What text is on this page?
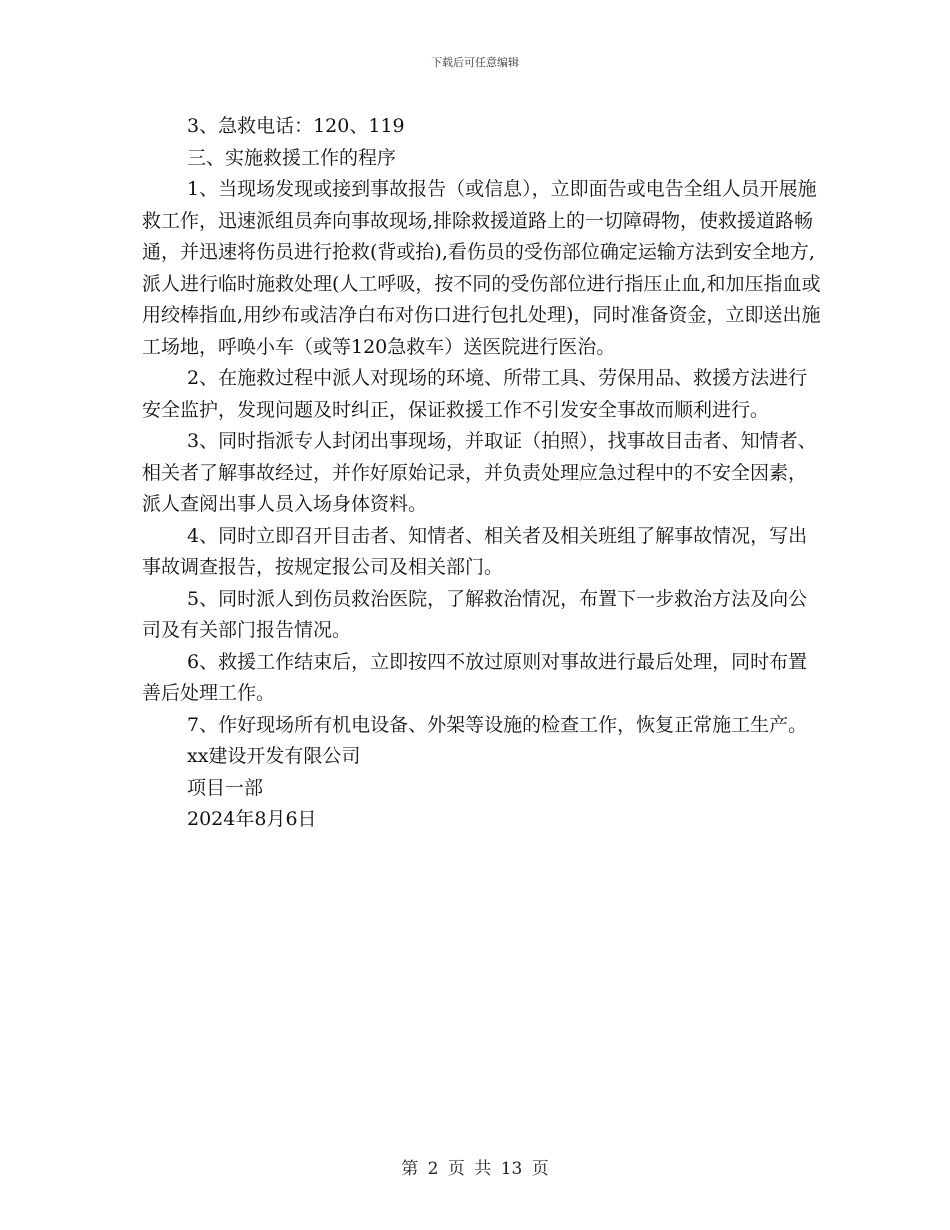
下载后可任意编辑

3、急救电话：120、119

三、实施救援工作的程序

1、当现场发现或接到事故报告（或信息），立即面告或电告全组人员开展施救工作，迅速派组员奔向事故现场,排除救援道路上的一切障碍物，使救援道路畅通，并迅速将伤员进行抢救(背或抬),看伤员的受伤部位确定运输方法到安全地方,派人进行临时施救处理(人工呼吸，按不同的受伤部位进行指压止血,和加压指血或用绞棒指血,用纱布或洁净白布对伤口进行包扎处理)，同时准备资金，立即送出施工场地，呼唤小车（或等120急救车）送医院进行医治。

2、在施救过程中派人对现场的环境、所带工具、劳保用品、救援方法进行安全监护，发现问题及时纠正，保证救援工作不引发安全事故而顺利进行。

3、同时指派专人封闭出事现场，并取证（拍照），找事故目击者、知情者、相关者了解事故经过，并作好原始记录，并负责处理应急过程中的不安全因素，派人查阅出事人员入场身体资料。

4、同时立即召开目击者、知情者、相关者及相关班组了解事故情况，写出事故调查报告，按规定报公司及相关部门。

5、同时派人到伤员救治医院，了解救治情况，布置下一步救治方法及向公司及有关部门报告情况。

6、救援工作结束后，立即按四不放过原则对事故进行最后处理，同时布置善后处理工作。

7、作好现场所有机电设备、外架等设施的检查工作，恢复正常施工生产。

xx建设开发有限公司

项目一部

2024年8月6日

第 2 页 共 13 页
